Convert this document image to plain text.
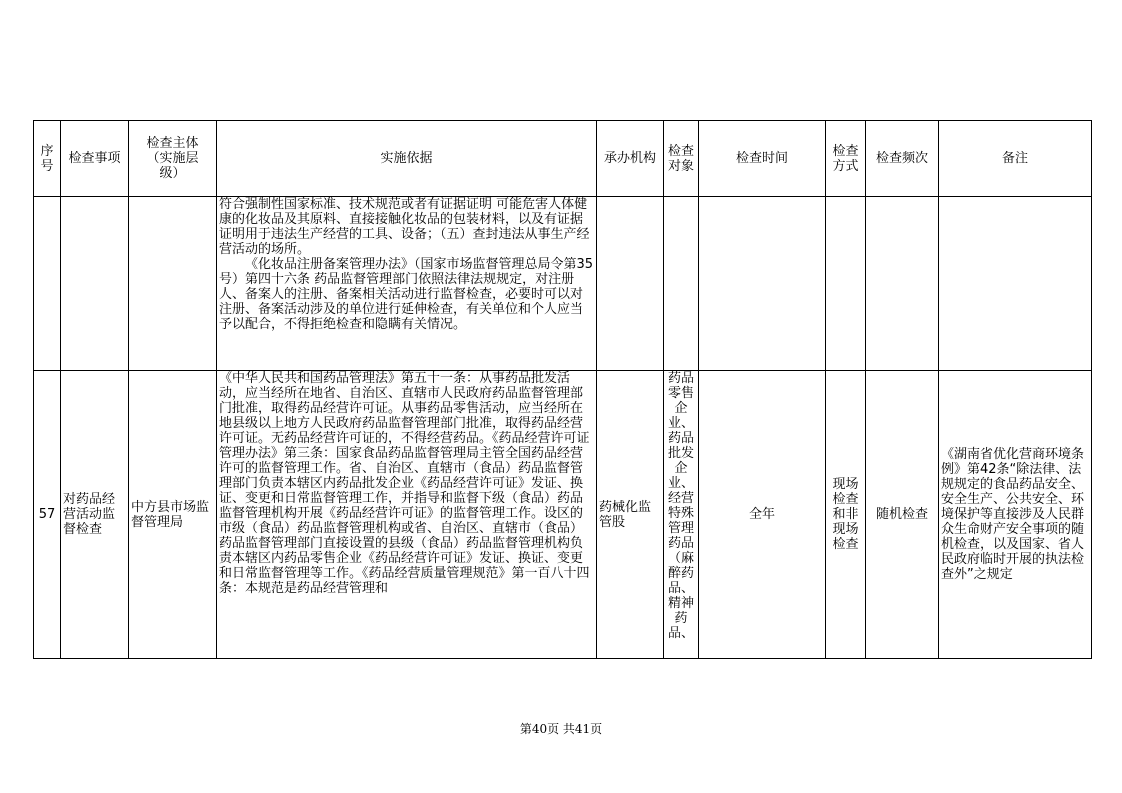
序号	检查事项	检查主体（实施层级）	实施依据	承办机构	检查对象	检查时间	检查方式	检查频次	备注

			符合强制性国家标准、技术规范或者有证据证明 可能危害人体健康的化妆品及其原料、直接接触化妆品的包装材料，以及有证据证明用于违法生产经营的工具、设备；（五）查封违法从事生产经营活动的场所。

《化妆品注册备案管理办法》（国家市场监督管理总局令第35号）第四十六条 药品监督管理部门依照法律法规规定，对注册人、备案人的注册、备案相关活动进行监督检查，必要时可以对注册、备案活动涉及的单位进行延伸检查，有关单位和个人应当予以配合，不得拒绝检查和隐瞒有关情况。						

57	对药品经营活动监督检查	中方县市场监督管理局	《中华人民共和国药品管理法》第五十一条：从事药品批发活动，应当经所在地省、自治区、直辖市人民政府药品监督管理部门批准，取得药品经营许可证。从事药品零售活动，应当经所在地县级以上地方人民政府药品监督管理部门批准，取得药品经营许可证。无药品经营许可证的，不得经营药品。《药品经营许可证管理办法》第三条：国家食品药品监督管理局主管全国药品经营许可的监督管理工作。省、自治区、直辖市（食品）药品监督管理部门负责本辖区内药品批发企业《药品经营许可证》发证、换证、变更和日常监督管理工作，并指导和监督下级（食品）药品监督管理机构开展《药品经营许可证》的监督管理工作。设区的市级（食品）药品监督管理机构或省、自治区、直辖市（食品）药品监督管理部门直接设置的县级（食品）药品监督管理机构负责本辖区内药品零售企业《药品经营许可证》发证、换证、变更和日常监督管理等工作。《药品经营质量管理规范》第一百八十四条：本规范是药品经营管理和	药械化监管股	药品零售企业、药品批发企业、经营特殊管理药品（麻醉药品、精神药品、	全年	现场检查和非现场检查	随机检查	《湖南省优化营商环境条例》第42条“除法律、法规规定的食品药品安全、安全生产、公共安全、环境保护等直接涉及人民群众生命财产安全事项的随机检查，以及国家、省人民政府临时开展的执法检查外”之规定
第40页 共41页
